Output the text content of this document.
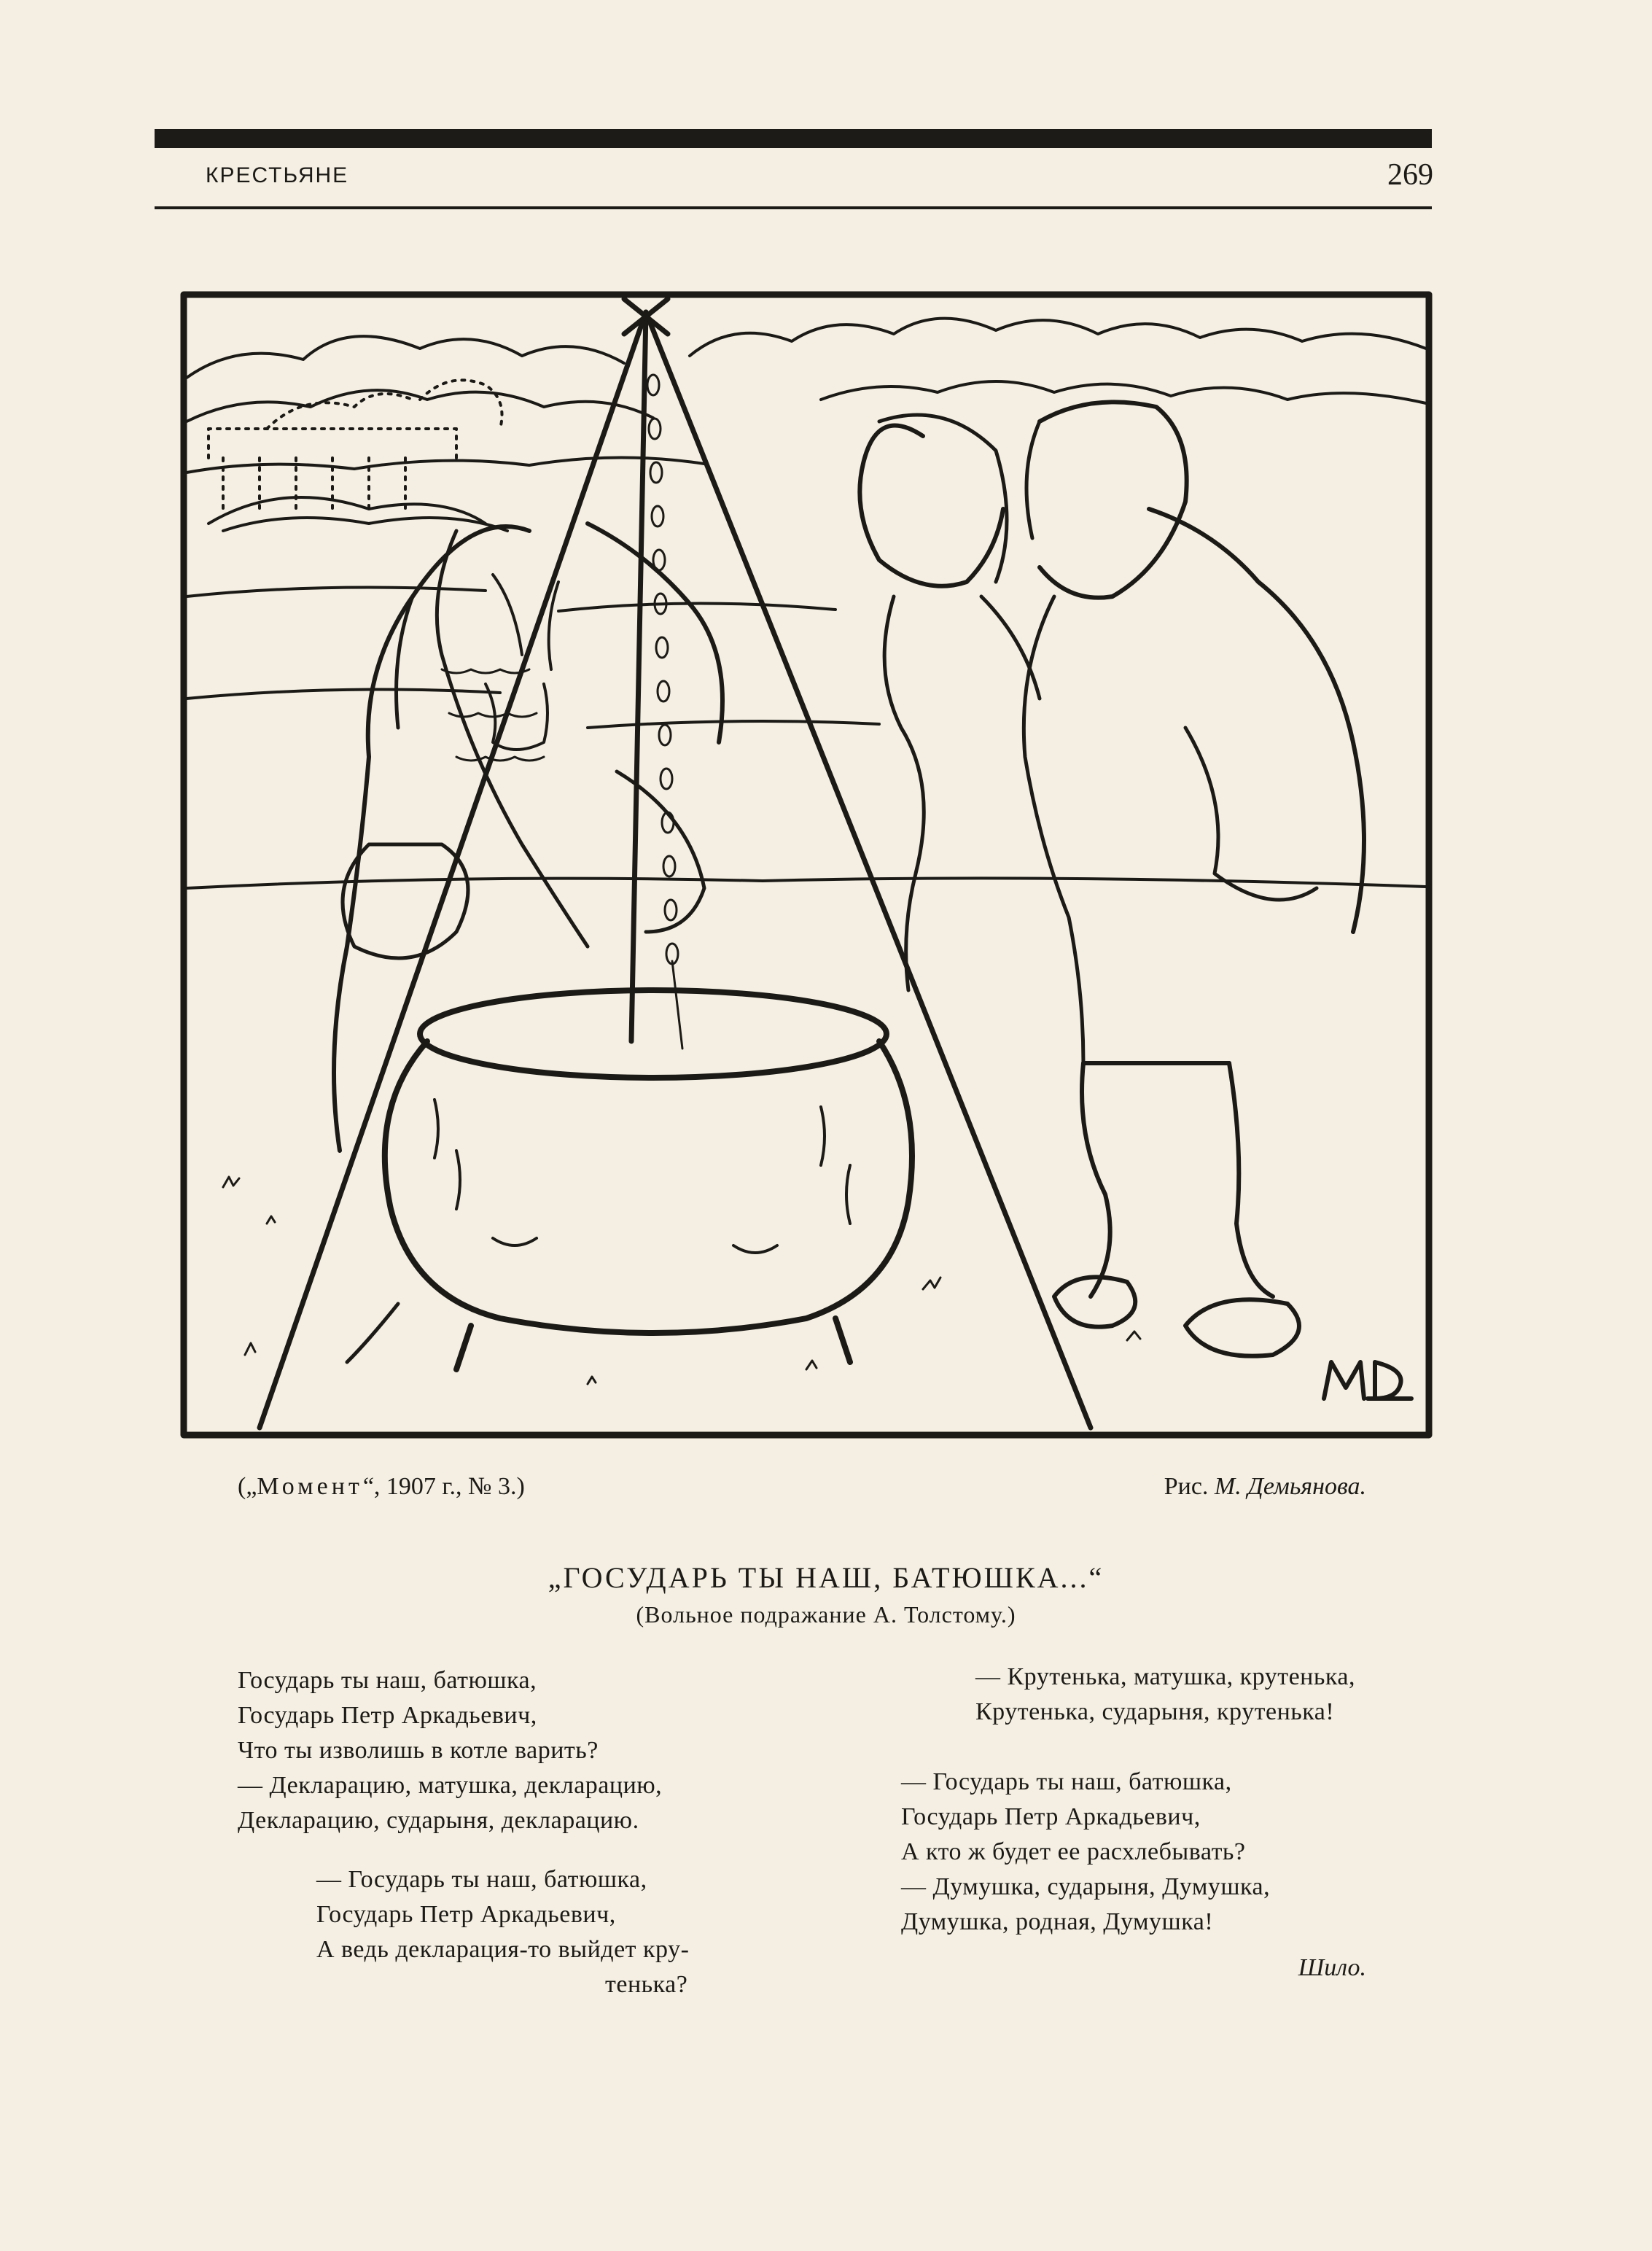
КРЕСТЬЯНЕ	269
(„Момент“, 1907 г., № 3.)	Рис. М. Демьянова.
„ГОСУДАРЬ ТЫ НАШ, БАТЮШКА...“
(Вольное подражание А. Толстому.)
Государь ты наш, батюшка,
Государь Петр Аркадьевич,
Что ты изволишь в котле варить?
— Декларацию, матушка, декларацию,
Декларацию, сударыня, декларацию.
— Государь ты наш, батюшка,
Государь Петр Аркадьевич,
А ведь декларация-то выйдет кру-
тенька?
— Крутенька, матушка, крутенька,
Крутенька, сударыня, крутенька!
— Государь ты наш, батюшка,
Государь Петр Аркадьевич,
А кто ж будет ее расхлебывать?
— Думушка, сударыня, Думушка,
Думушка, родная, Думушка!
Шило.
